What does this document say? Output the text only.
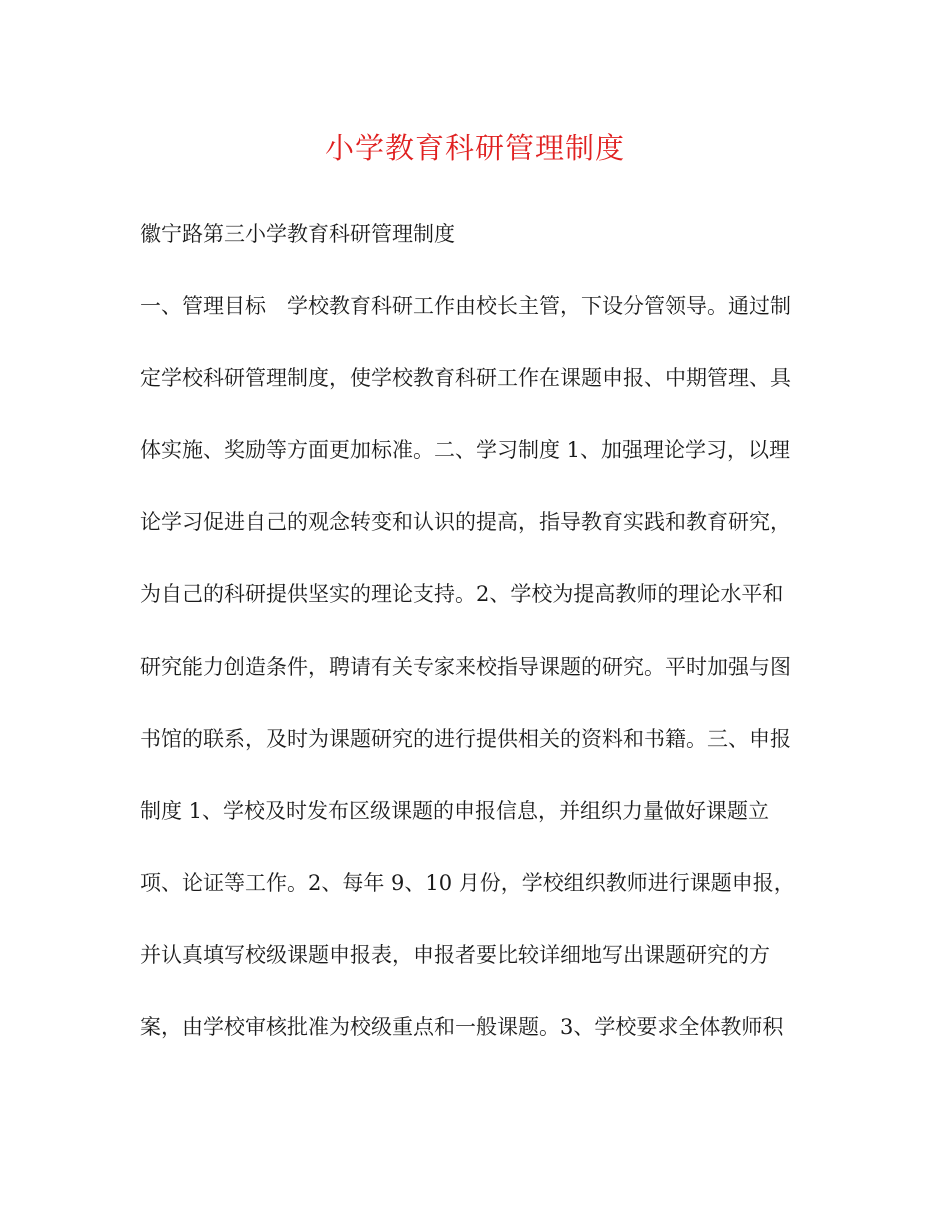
小学教育科研管理制度
徽宁路第三小学教育科研管理制度
一、管理目标　学校教育科研工作由校长主管，下设分管领导。通过制
定学校科研管理制度，使学校教育科研工作在课题申报、中期管理、具
体实施、奖励等方面更加标准。二、学习制度 1、加强理论学习，以理
论学习促进自己的观念转变和认识的提高，指导教育实践和教育研究，
为自己的科研提供坚实的理论支持。2、学校为提高教师的理论水平和
研究能力创造条件，聘请有关专家来校指导课题的研究。平时加强与图
书馆的联系，及时为课题研究的进行提供相关的资料和书籍。三、申报
制度 1、学校及时发布区级课题的申报信息，并组织力量做好课题立
项、论证等工作。2、每年 9、10 月份，学校组织教师进行课题申报，
并认真填写校级课题申报表，申报者要比较详细地写出课题研究的方
案，由学校审核批准为校级重点和一般课题。3、学校要求全体教师积
